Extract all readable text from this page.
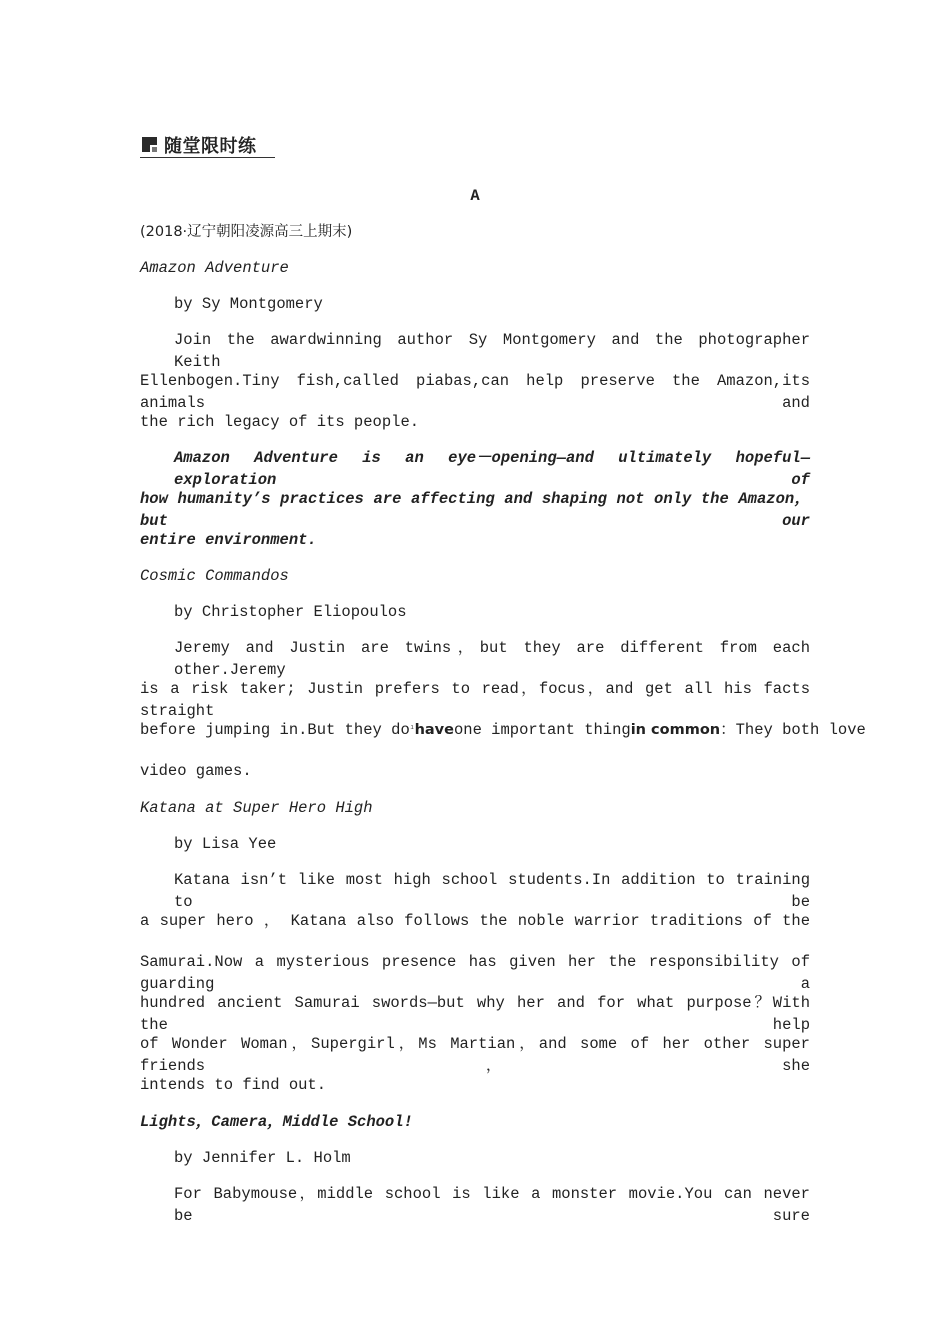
随堂限时练
A
(2018·辽宁朝阳凌源高三上期末)
Amazon Adventure
by Sy Montgomery
Join the awardwinning author Sy Montgomery and the photographer Keith
Ellenbogen.Tiny fish,called piabas,can help preserve the Amazon,its animals and
the rich legacy of its people.
Amazon Adventure is an eye－opening—and ultimately hopeful—exploration of
how humanity’s practices are affecting and shaping not only the Amazon，but our
entire environment.
Cosmic Commandos
by Christopher Eliopoulos
Jeremy and Justin are twins，but they are different from each other.Jeremy
is a risk taker; Justin prefers to read，focus，and get all his facts straight
before jumping in.But they $do^ˡhave$ one important thing in common：They both love
video games.
Katana at Super Hero High
by Lisa Yee
Katana isn’t like most high school students.In addition to training to be
a super hero ， Katana also follows the noble warrior traditions of the
Samurai.Now a mysterious presence has given her the responsibility of guarding a
hundred ancient Samurai swords—but why her and for what purpose？With the help
of Wonder Woman，Supergirl，Ms Martian，and some of her other super friends，she
intends to find out.
Lights，Camera，Middle School!
by Jennifer L. Holm
For Babymouse，middle school is like a monster movie.You can never be sure
